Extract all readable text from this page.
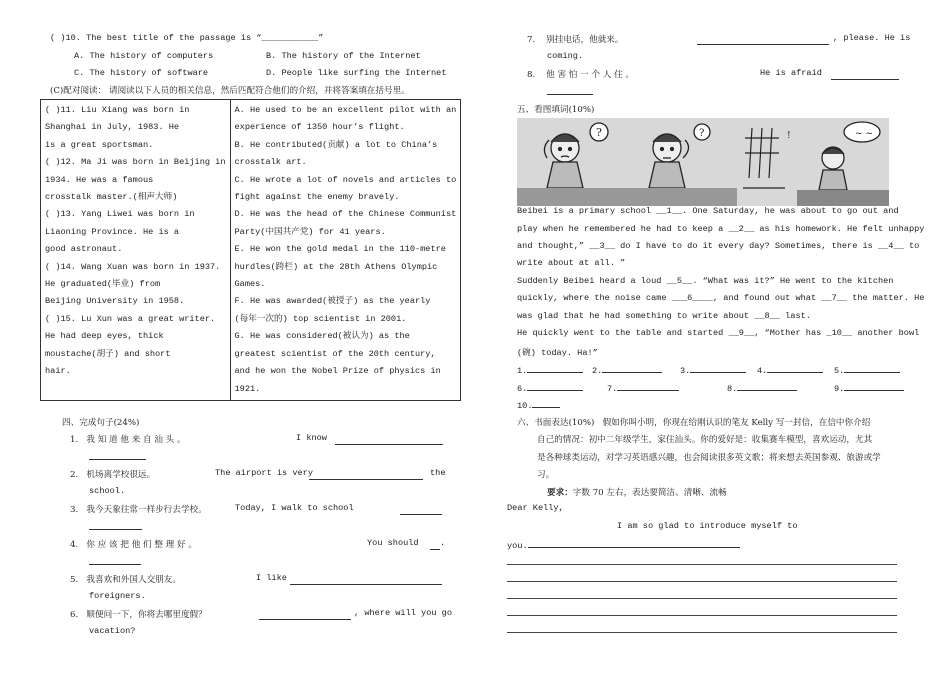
( )10. The best title of the passage is “___________”
A. The history of computers	B. The history of the Internet
C. The history of software	D. People like surfing the Internet
(C)配对阅读： 请阅读以下人员的相关信息，然后匹配符合他们的介绍，并将答案填在括号里。
( )11. Liu Xiang was born in
Shanghai in July, 1983. He
is a great sportsman.
( )12. Ma Ji was born in Beijing in
1934. He was a famous
crosstalk master.(相声大师)
( )13. Yang Liwei was born in
Liaoning Province. He is a
good astronaut.
( )14. Wang Xuan was born in 1937.
He graduated(毕业) from
Beijing University in 1958.
( )15. Lu Xun was a great writer.
He had deep eyes, thick
moustache(胡子) and short
hair.

A. He used to be an excellent pilot with an
experience of 1350 hour’s flight.
B. He contributed(贡献) a lot to China’s
crosstalk art.
C. He wrote a lot of novels and articles to
fight against the enemy bravely.
D. He was the head of the Chinese Communist
Party(中国共产党) for 41 years.
E. He won the gold medal in the 110-metre
hurdles(跨栏) at the 28th Athens Olympic
Games.
F. He was awarded(被授子) as the yearly
(每年一次的) top scientist in 2001.
G. He was considered(被认为) as the
greatest scientist of the 20th century,
and he won the Nobel Prize of physics in
1921.
四、完成句子(24%)
1. 我 知 道 他 来 自 汕 头 。	I know
2. 机场离学校很远。	The airport is very	the
school.
3. 我今天象往常一样步行去学校。	Today, I walk to school
4. 你 应 该 把 他 们 整 理 好 。	You should .
5. 我喜欢和外国人交朋友。	I like
foreigners.
6. 顺便问一下，你将去哪里度假？	, where will you go
vacation?
7. 别挂电话，他就来。	, please. He is
coming.
8. 他 害 怕 一 个 人 住 。	He is afraid
五、看图填词(10%)
?	?	!	~ ~
Beibei is a primary school __1__. One Saturday, he was about to go out and
play when he remembered he had to keep a __2__ as his homework. He felt unhappy
and thought,” __3__ do I have to do it every day? Sometimes, there is __4__ to
write about at all. ”
Suddenly Beibei heard a loud __5__. “What was it?” He went to the kitchen
quickly, where the noise came ___6____, and found out what __7__ the matter. He
was glad that he had something to write about __8__ last.
He quickly went to the table and started __9__, “Mother has _10__ another bowl
(碗) today. Ha!”
1.	2.	3.	4.	5.
6.	7.	8.	9.
10.
六、书面表达(10%) 假如你叫小明，你现在给刚认识的笔友 Kelly 写一封信，在信中你介绍
自己的情况：初中二年级学生，家住汕头。你的爱好是：收集赛车模型，喜欢运动，尤其
是各种球类运动，对学习英语感兴趣，也会阅读很多英文歌；将来想去英国参观、旅游或学
习。
要求：字数 70 左右，表达要简洁、清晰、流畅
Dear Kelly,
I am so glad to introduce myself to
you.
